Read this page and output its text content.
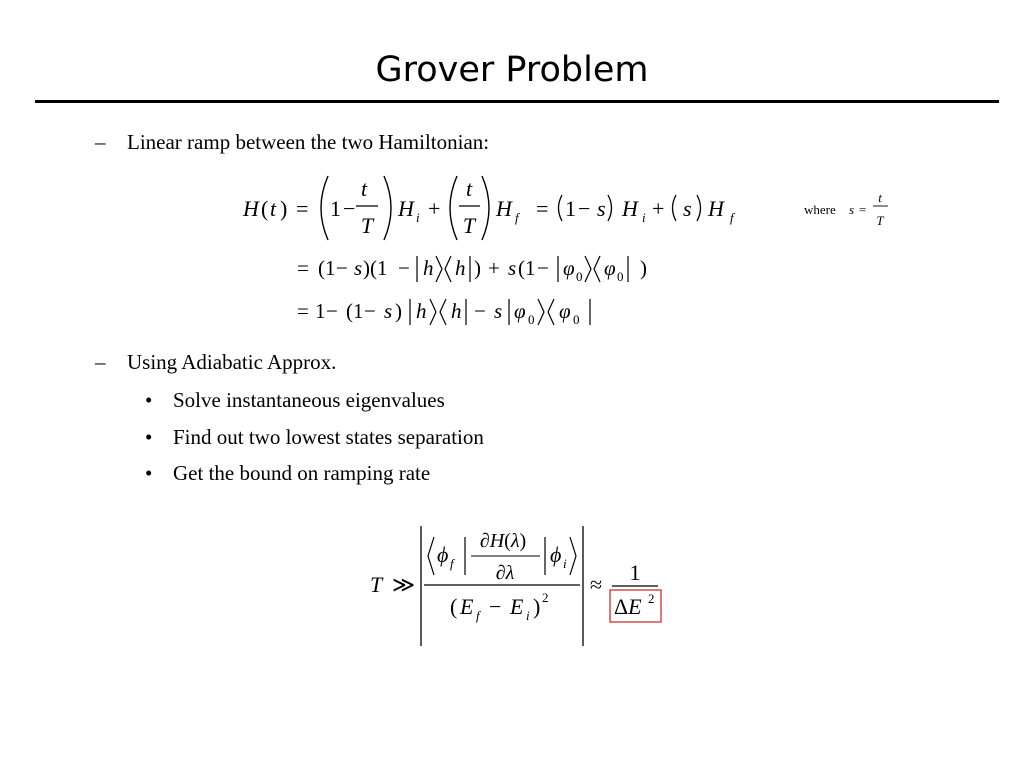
Grover Problem
– Linear ramp between the two Hamiltonian:
H ( t ) = 1 −
t
T
H i +
t
T
H f = 1 − s H i + s H f
where s =
t
T
= (1 − s )(1 − h h ) + s (1 − φ 0 φ 0 )
= 1 − (1 − s ) h h − s φ 0 φ 0
– Using Adiabatic Approx.
• Solve instantaneous eigenvalues
• Find out two lowest states separation
• Get the bound on ramping rate
T ≫
ϕ f
∂H(λ)
∂λ
ϕ i
( E f − E i ) 2
≈ 1
ΔE 2
